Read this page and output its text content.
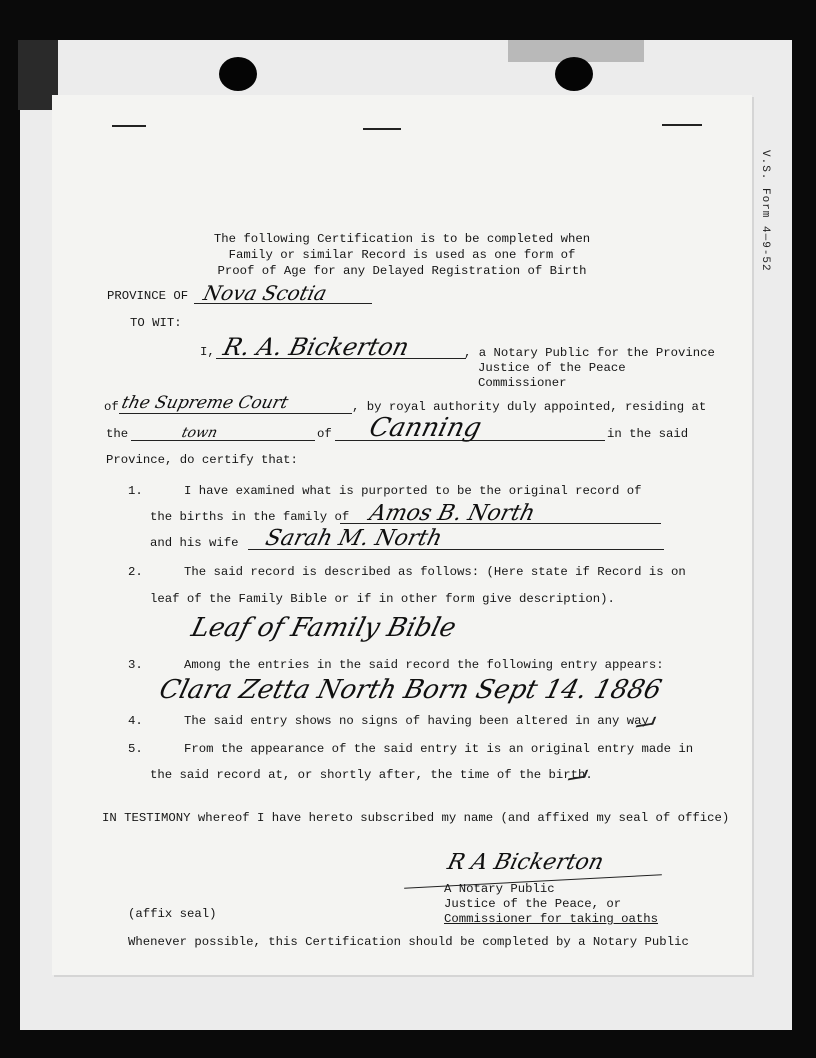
V.S. Form 4—9-52
The following Certification is to be completed when
Family or similar Record is used as one form of
Proof of Age for any Delayed Registration of Birth
PROVINCE OF Nova Scotia
TO WIT:
I, R. A. Bickerton	, a Notary Public for the Province
Justice of the Peace
Commissioner
of the Supreme Court	, by royal authority duly appointed, residing at
the	town	of Canning	in the said
Province, do certify that:
1.	I have examined what is purported to be the original record of
the births in the family of Amos B. North
and his wife Sarah M. North
2.	The said record is described as follows: (Here state if Record is on
leaf of the Family Bible or if in other form give description).
Leaf of Family Bible
3.	Among the entries in the said record the following entry appears:
Clara Zetta North Born Sept 14. 1886
4.	The said entry shows no signs of having been altered in any way.
5.	From the appearance of the said entry it is an original entry made in
the said record at, or shortly after, the time of the birth.
IN TESTIMONY whereof I have hereto subscribed my name (and affixed my seal of office)
R A Bickerton
A Notary Public
Justice of the Peace, or
Commissioner for taking oaths
(affix seal)
Whenever possible, this Certification should be completed by a Notary Public
